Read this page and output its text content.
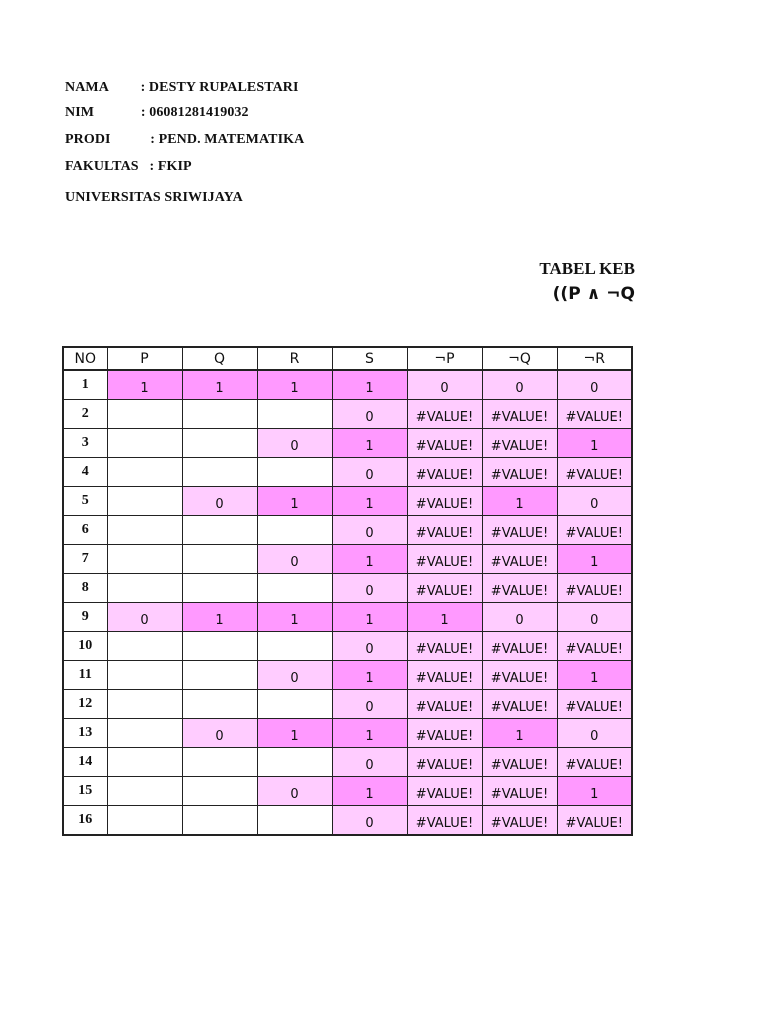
NAMA         : DESTY RUPALESTARI
NIM             : 06081281419032
PRODI           : PEND. MATEMATIKA
FAKULTAS   : FKIP
UNIVERSITAS SRIWIJAYA
TABEL KEB
((P ∧ ¬Q
NO	P	Q	R	S	¬P	¬Q	¬R
1	1	1	1	1	0	0	0
2				0	#VALUE!	#VALUE!	#VALUE!
3			0	1	#VALUE!	#VALUE!	1
4				0	#VALUE!	#VALUE!	#VALUE!
5		0	1	1	#VALUE!	1	0
6				0	#VALUE!	#VALUE!	#VALUE!
7			0	1	#VALUE!	#VALUE!	1
8				0	#VALUE!	#VALUE!	#VALUE!
9	0	1	1	1	1	0	0
10				0	#VALUE!	#VALUE!	#VALUE!
11			0	1	#VALUE!	#VALUE!	1
12				0	#VALUE!	#VALUE!	#VALUE!
13		0	1	1	#VALUE!	1	0
14				0	#VALUE!	#VALUE!	#VALUE!
15			0	1	#VALUE!	#VALUE!	1
16				0	#VALUE!	#VALUE!	#VALUE!
